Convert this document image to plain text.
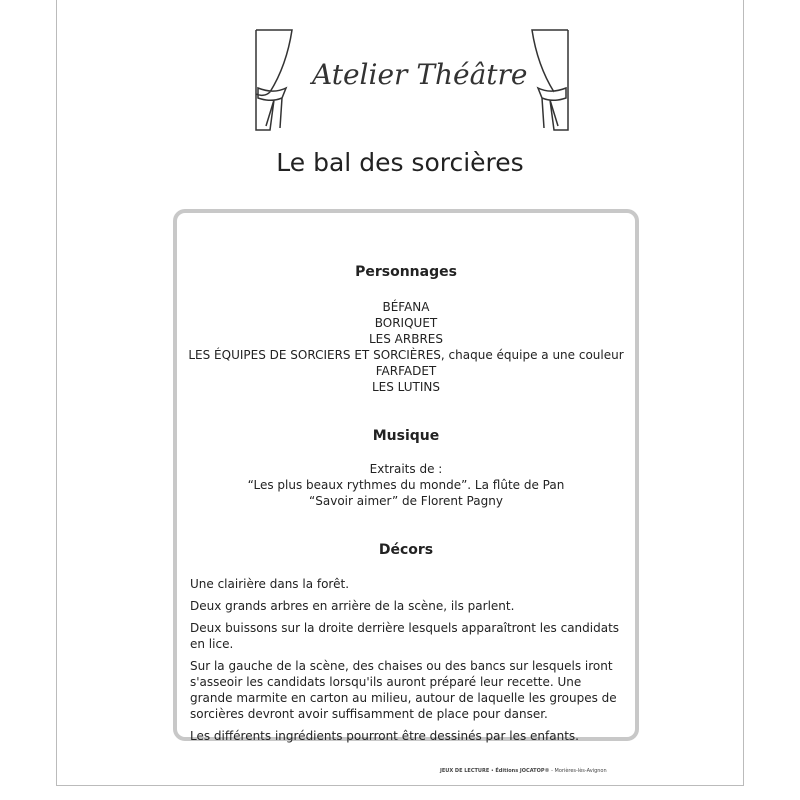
Atelier Théâtre
Le bal des sorcières
Personnages
BÉFANA
BORIQUET
LES ARBRES
LES ÉQUIPES DE SORCIERS ET SORCIÈRES, chaque équipe a une couleur
FARFADET
LES LUTINS
Musique
Extraits de :
“Les plus beaux rythmes du monde”. La flûte de Pan
“Savoir aimer” de Florent Pagny
Décors

Une clairière dans la forêt.

Deux grands arbres en arrière de la scène, ils parlent.

Deux buissons sur la droite derrière lesquels apparaîtront les candidats en lice.

Sur la gauche de la scène, des chaises ou des bancs sur lesquels iront s'asseoir les candidats lorsqu'ils auront préparé leur recette. Une grande marmite en carton au milieu, autour de laquelle les groupes de sorcières devront avoir suffisamment de place pour danser.

Les différents ingrédients pourront être dessinés par les enfants.

JEUX DE LECTURE • Éditions JOCATOP® - Morières-lès-Avignon
